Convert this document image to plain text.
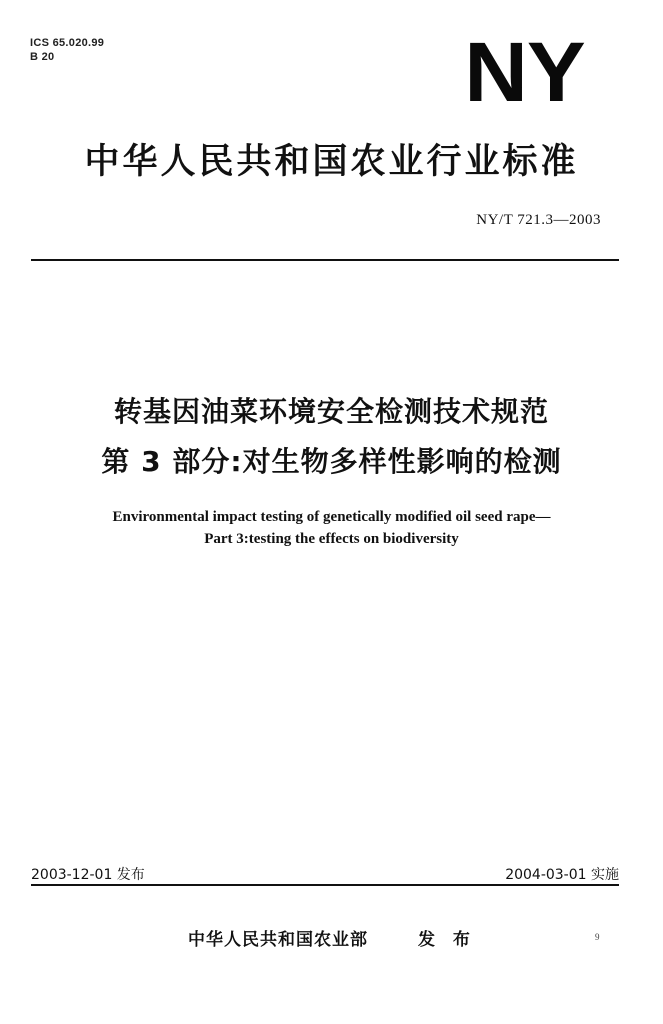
ICS 65.020.99
B 20	NY
中华人民共和国农业行业标准
NY/T 721.3—2003
转基因油菜环境安全检测技术规范
第 3 部分:对生物多样性影响的检测
Environmental impact testing of genetically modified oil seed rape—
Part 3:testing the effects on biodiversity
2003-12-01 发布	2004-03-01 实施
中华人民共和国农业部	发 布	9
